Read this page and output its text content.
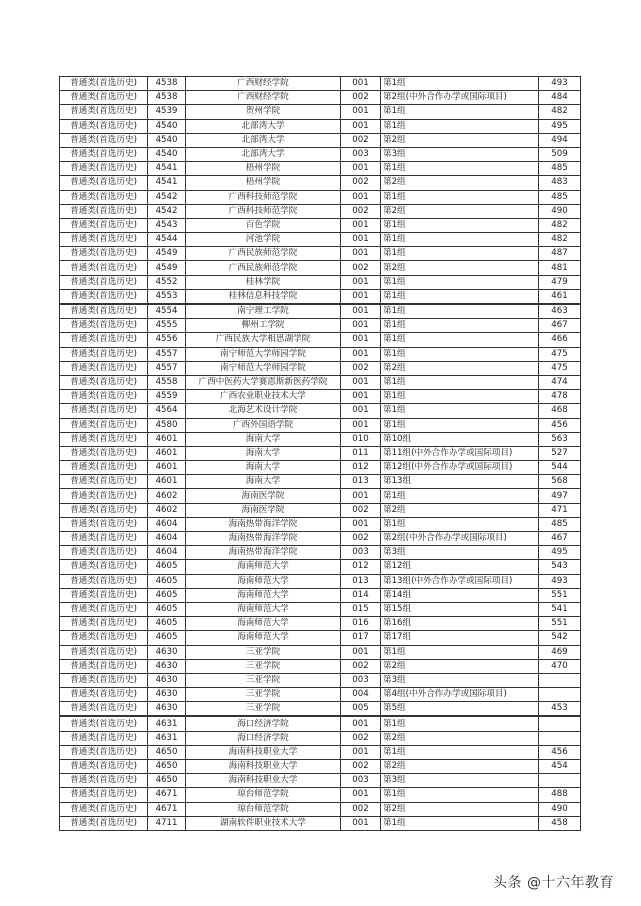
普通类(首选历史)	4538	广西财经学院	001	第1组	493
普通类(首选历史)	4538	广西财经学院	002	第2组(中外合作办学或国际项目)	484
普通类(首选历史)	4539	贺州学院	001	第1组	482
普通类(首选历史)	4540	北部湾大学	001	第1组	495
普通类(首选历史)	4540	北部湾大学	002	第2组	494
普通类(首选历史)	4540	北部湾大学	003	第3组	509
普通类(首选历史)	4541	梧州学院	001	第1组	485
普通类(首选历史)	4541	梧州学院	002	第2组	483
普通类(首选历史)	4542	广西科技师范学院	001	第1组	485
普通类(首选历史)	4542	广西科技师范学院	002	第2组	490
普通类(首选历史)	4543	百色学院	001	第1组	482
普通类(首选历史)	4544	河池学院	001	第1组	482
普通类(首选历史)	4549	广西民族师范学院	001	第1组	487
普通类(首选历史)	4549	广西民族师范学院	002	第2组	481
普通类(首选历史)	4552	桂林学院	001	第1组	479
普通类(首选历史)	4553	桂林信息科技学院	001	第1组	461
普通类(首选历史)	4554	南宁理工学院	001	第1组	463
普通类(首选历史)	4555	柳州工学院	001	第1组	467
普通类(首选历史)	4556	广西民族大学相思湖学院	001	第1组	466
普通类(首选历史)	4557	南宁师范大学师园学院	001	第1组	475
普通类(首选历史)	4557	南宁师范大学师园学院	002	第2组	475
普通类(首选历史)	4558	广西中医药大学赛恩斯新医药学院	001	第1组	474
普通类(首选历史)	4559	广西农业职业技术大学	001	第1组	478
普通类(首选历史)	4564	北海艺术设计学院	001	第1组	468
普通类(首选历史)	4580	广西外国语学院	001	第1组	456
普通类(首选历史)	4601	海南大学	010	第10组	563
普通类(首选历史)	4601	海南大学	011	第11组(中外合作办学或国际项目)	527
普通类(首选历史)	4601	海南大学	012	第12组(中外合作办学或国际项目)	544
普通类(首选历史)	4601	海南大学	013	第13组	568
普通类(首选历史)	4602	海南医学院	001	第1组	497
普通类(首选历史)	4602	海南医学院	002	第2组	471
普通类(首选历史)	4604	海南热带海洋学院	001	第1组	485
普通类(首选历史)	4604	海南热带海洋学院	002	第2组(中外合作办学或国际项目)	467
普通类(首选历史)	4604	海南热带海洋学院	003	第3组	495
普通类(首选历史)	4605	海南师范大学	012	第12组	543
普通类(首选历史)	4605	海南师范大学	013	第13组(中外合作办学或国际项目)	493
普通类(首选历史)	4605	海南师范大学	014	第14组	551
普通类(首选历史)	4605	海南师范大学	015	第15组	541
普通类(首选历史)	4605	海南师范大学	016	第16组	551
普通类(首选历史)	4605	海南师范大学	017	第17组	542
普通类(首选历史)	4630	三亚学院	001	第1组	469
普通类(首选历史)	4630	三亚学院	002	第2组	470
普通类(首选历史)	4630	三亚学院	003	第3组	
普通类(首选历史)	4630	三亚学院	004	第4组(中外合作办学或国际项目)	
普通类(首选历史)	4630	三亚学院	005	第5组	453
普通类(首选历史)	4631	海口经济学院	001	第1组	
普通类(首选历史)	4631	海口经济学院	002	第2组	
普通类(首选历史)	4650	海南科技职业大学	001	第1组	456
普通类(首选历史)	4650	海南科技职业大学	002	第2组	454
普通类(首选历史)	4650	海南科技职业大学	003	第3组	
普通类(首选历史)	4671	琼台师范学院	001	第1组	488
普通类(首选历史)	4671	琼台师范学院	002	第2组	490
普通类(首选历史)	4711	湖南软件职业技术大学	001	第1组	458
头条 @十六年教育
